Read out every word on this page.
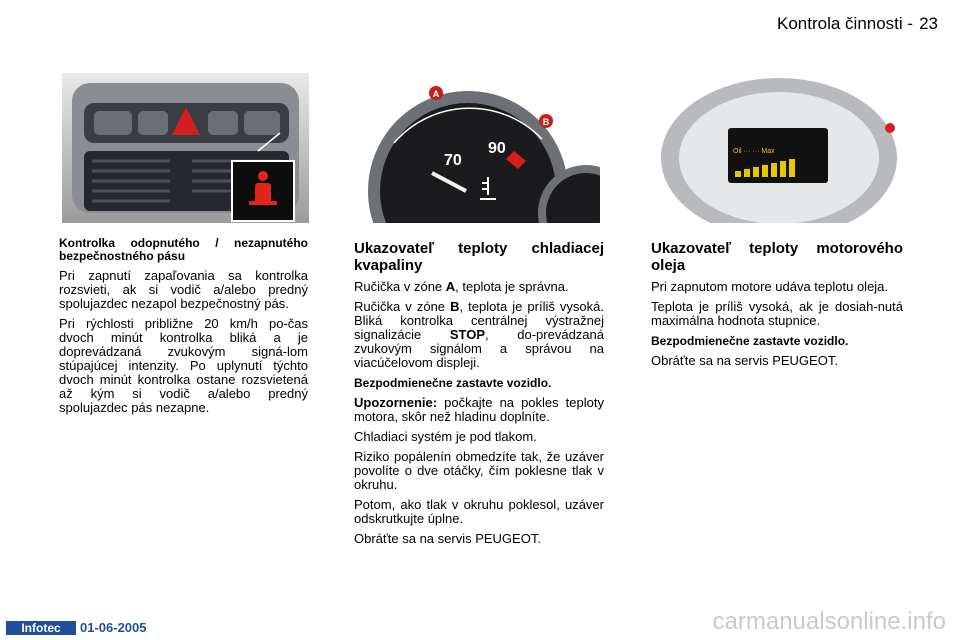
Kontrola činnosti - 23
A
B
70
90	Oil ··· ··· Max
Kontrolka odopnutého / nezapnutého bezpečnostného pásu

Pri zapnutí zapaľovania sa kontrolka rozsvieti, ak si vodič a/alebo predný spolujazdec nezapol bezpečnostný pás.

Pri rýchlosti približne 20 km/h po-čas dvoch minút kontrolka bliká a je doprevádzaná zvukovým signá-lom stúpajúcej intenzity. Po uplynutí týchto dvoch minút kontrolka ostane rozsvietená až kým si vodič a/alebo predný spolujazdec pás nezapne.

Ukazovateľ teploty chladiacej kvapaliny

Ručička v zóne A, teplota je správna.

Ručička v zóne B, teplota je príliš vysoká. Bliká kontrolka centrálnej výstražnej signalizácie STOP, do-prevádzaná zvukovým signálom a správou na viacúčelovom displeji.

Bezpodmienečne zastavte vozidlo.

Upozornenie: počkajte na pokles teploty motora, skôr než hladinu doplníte.

Chladiaci systém je pod tlakom.

Riziko popálenín obmedzíte tak, že uzáver povolíte o dve otáčky, čím poklesne tlak v okruhu.

Potom, ako tlak v okruhu poklesol, uzáver odskrutkujte úplne.

Obráťte sa na servis PEUGEOT.

Ukazovateľ teploty motorového oleja

Pri zapnutom motore udáva teplotu oleja.

Teplota je príliš vysoká, ak je dosiah-nutá maximálna hodnota stupnice.

Bezpodmienečne zastavte vozidlo.

Obráťte sa na servis PEUGEOT.

Infotec	01-06-2005	carmanualsonline.info
